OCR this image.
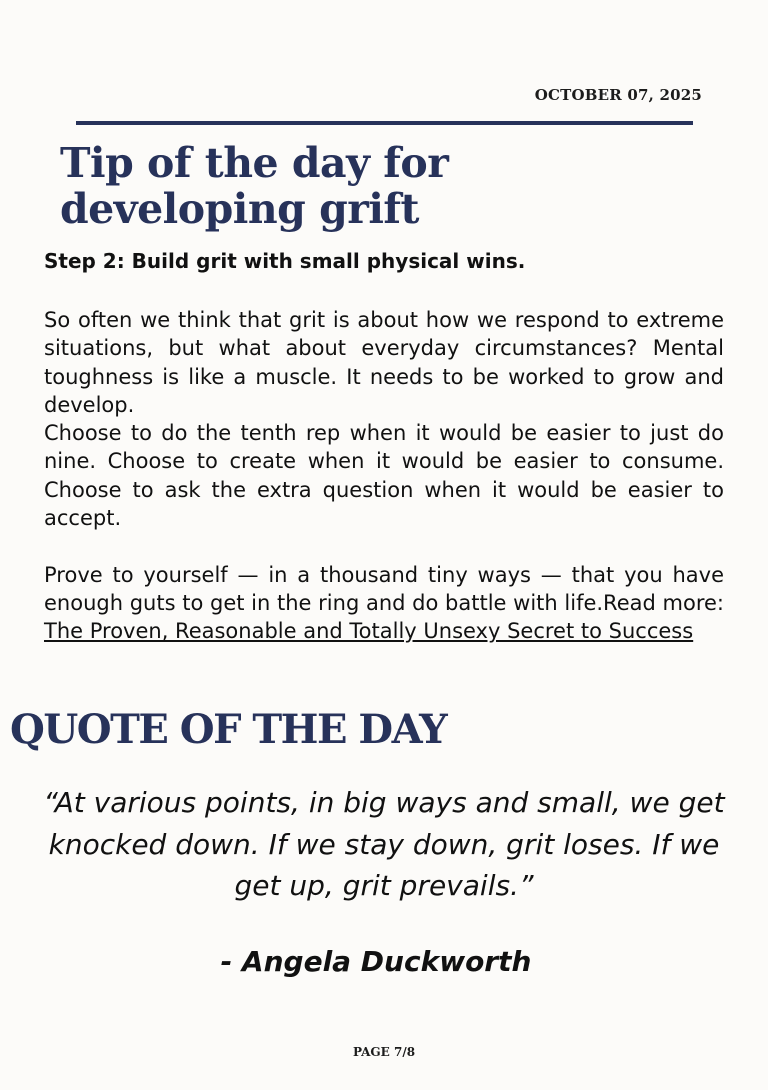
OCTOBER 07, 2025
Tip of the day for developing grift
Step 2: Build grit with small physical wins.

So often we think that grit is about how we respond to extreme situations, but what about everyday circumstances? Mental toughness is like a muscle. It needs to be worked to grow and develop.

Choose to do the tenth rep when it would be easier to just do nine. Choose to create when it would be easier to consume. Choose to ask the extra question when it would be easier to accept.

Prove to yourself — in a thousand tiny ways — that you have enough guts to get in the ring and do battle with life.Read more: The Proven, Reasonable and Totally Unsexy Secret to Success

QUOTE OF THE DAY
“At various points, in big ways and small, we get knocked down. If we stay down, grit loses. If we get up, grit prevails.”
- Angela Duckworth
PAGE 7/8
